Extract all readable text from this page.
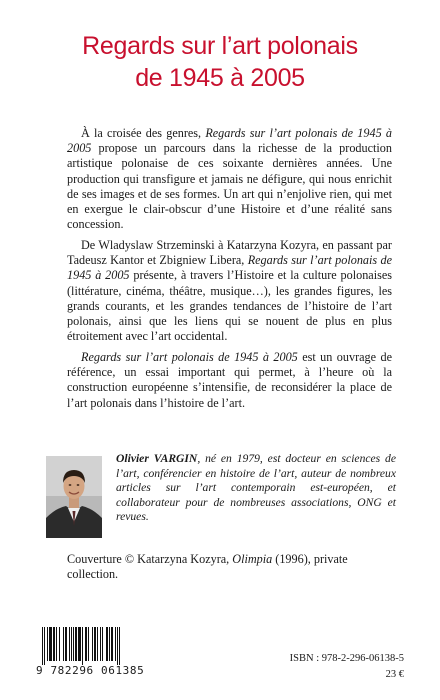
Regards sur l’art polonais
de 1945 à 2005

À la croisée des genres, Regards sur l’art polonais de 1945 à 2005 propose un parcours dans la richesse de la production artistique polonaise de ces soixante dernières années. Une production qui transfigure et jamais ne défigure, qui nous enrichit de ses images et de ses formes. Un art qui n’enjolive rien, qui met en exergue le clair-obscur d’une Histoire et d’une réalité sans concession.

De Wladyslaw Strzeminski à Katarzyna Kozyra, en passant par Tadeusz Kantor et Zbigniew Libera, Regards sur l’art polonais de 1945 à 2005 présente, à travers l’Histoire et la culture polonaises (littérature, cinéma, théâtre, musique…), les grandes figures, les grands courants, et les grandes tendances de l’histoire de l’art polonais, ainsi que les liens qui se nouent de plus en plus étroitement avec l’art occidental.

Regards sur l’art polonais de 1945 à 2005 est un ouvrage de référence, un essai important qui permet, à l’heure où la construction européenne s’intensifie, de reconsidérer la place de l’art polonais dans l’histoire de l’art.

Olivier VARGIN, né en 1979, est docteur en sciences de l’art, conférencier en histoire de l’art, auteur de nombreux articles sur l’art contemporain est-européen, et collaborateur pour de nombreuses associations, ONG et revues.

Couverture © Katarzyna Kozyra, Olimpia (1996), private collection.

9 782296 061385
ISBN : 978-2-296-06138-5
23 €
